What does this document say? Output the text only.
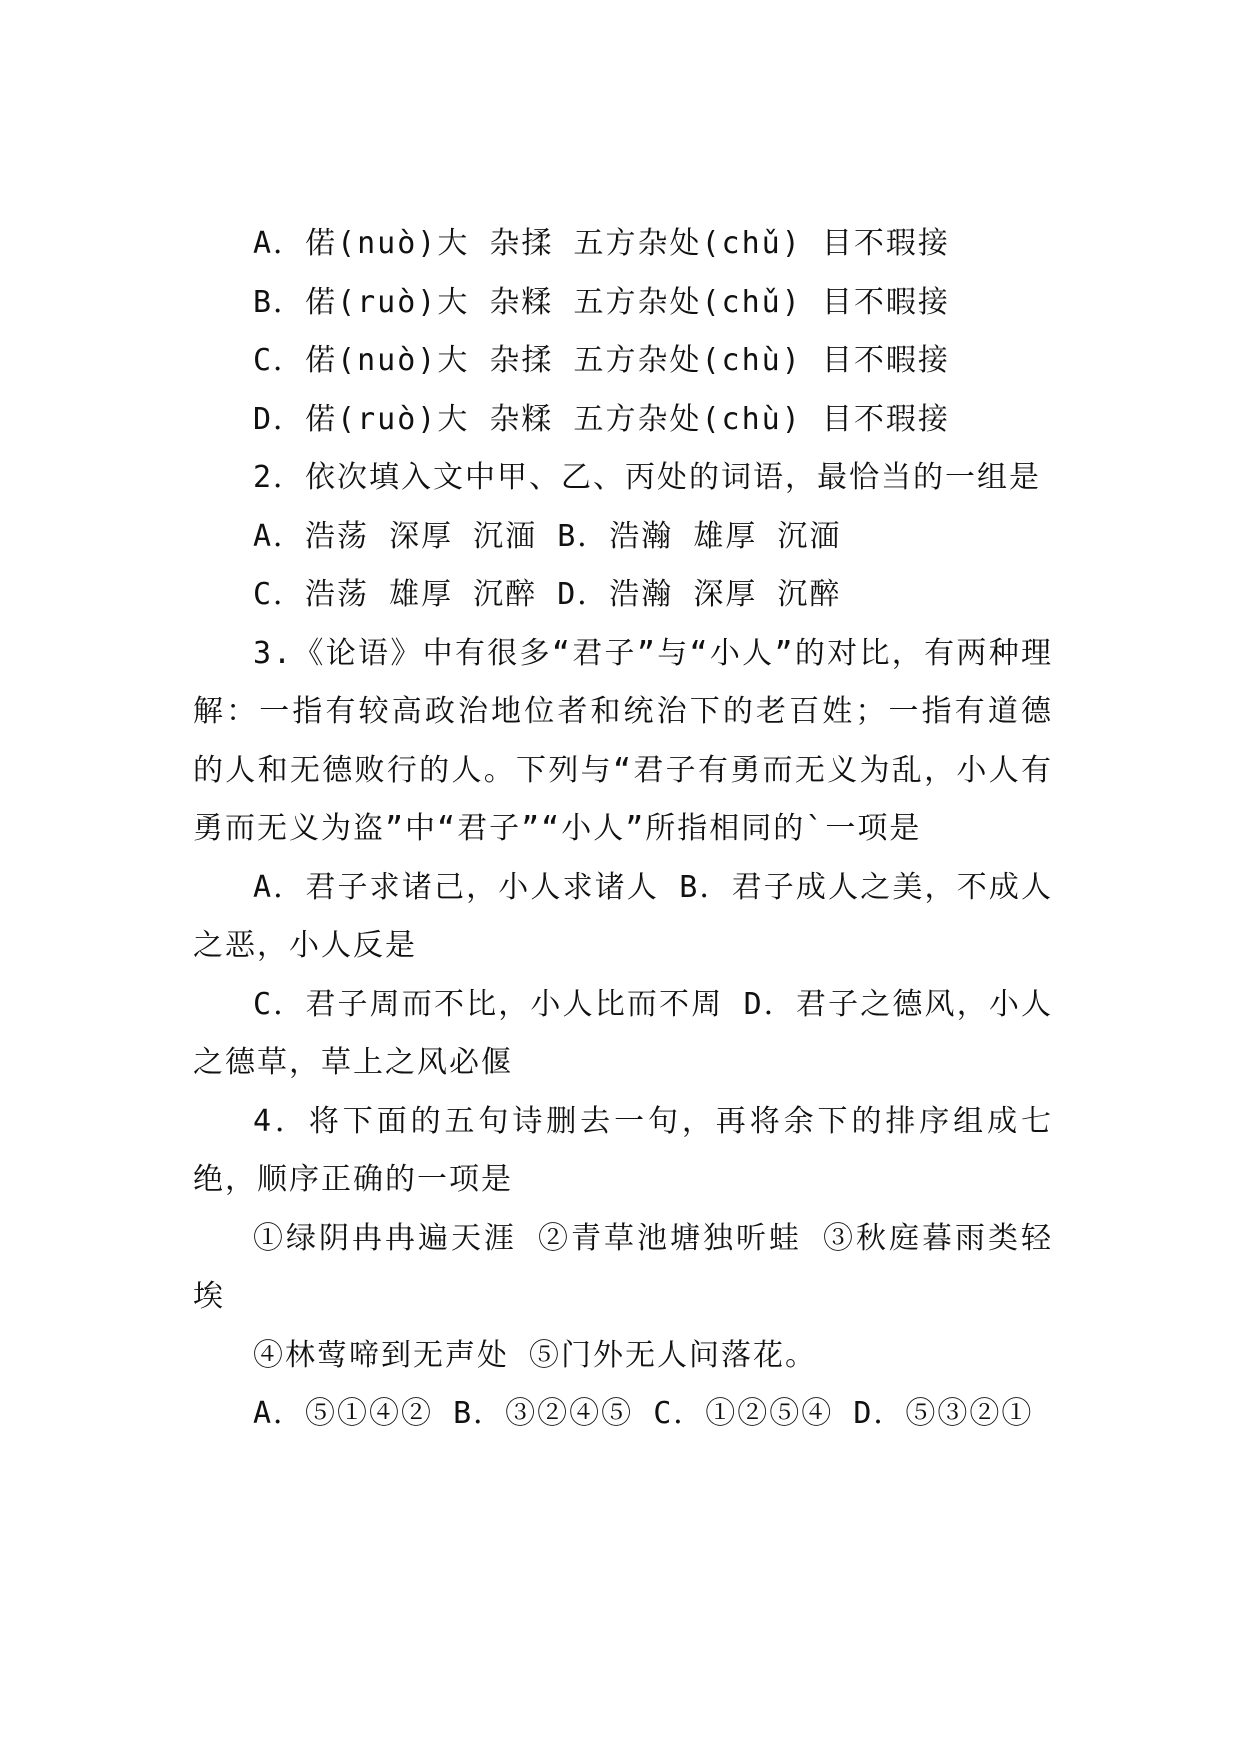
A．偌(nuò)大 杂揉 五方杂处(chǔ) 目不瑕接

B．偌(ruò)大 杂糅 五方杂处(chǔ) 目不暇接

C．偌(nuò)大 杂揉 五方杂处(chù) 目不暇接

D．偌(ruò)大 杂糅 五方杂处(chù) 目不瑕接

2．依次填入文中甲、乙、丙处的词语，最恰当的一组是

A．浩荡 深厚 沉湎 B．浩瀚 雄厚 沉湎

C．浩荡 雄厚 沉醉 D．浩瀚 深厚 沉醉

3.《论语》中有很多“君子”与“小人”的对比，有两种理解：一指有较高政治地位者和统治下的老百姓；一指有道德的人和无德败行的人。下列与“君子有勇而无义为乱，小人有勇而无义为盗”中“君子”“小人”所指相同的`一项是

A．君子求诸己，小人求诸人 B．君子成人之美，不成人之恶，小人反是

C．君子周而不比，小人比而不周 D．君子之德风，小人之德草，草上之风必偃

4．将下面的五句诗删去一句，再将余下的排序组成七绝，顺序正确的一项是

①绿阴冉冉遍天涯 ②青草池塘独听蛙 ③秋庭暮雨类轻埃

④林莺啼到无声处 ⑤门外无人问落花。

A．⑤①④② B．③②④⑤ C．①②⑤④ D．⑤③②①
